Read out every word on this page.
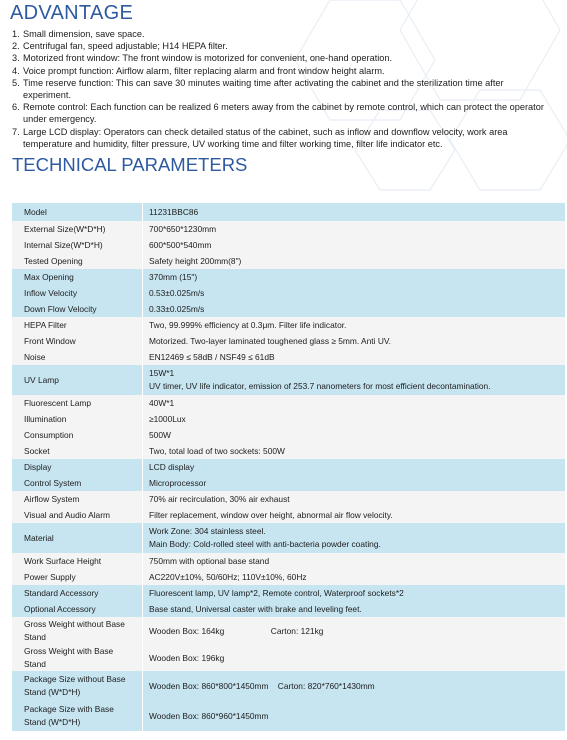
ADVANTAGE
1. Small dimension, save space.
2. Centrifugal fan, speed adjustable; H14 HEPA filter.
3. Motorized front window: The front window is motorized for convenient, one-hand operation.
4. Voice prompt function: Airflow alarm, filter replacing alarm and front window height alarm.
5. Time reserve function: This can save 30 minutes waiting time after activating the cabinet and the sterilization time after experiment.
6. Remote control: Each function can be realized 6 meters away from the cabinet by remote control, which can protect the operator under emergency.
7. Large LCD display: Operators can check detailed status of the cabinet, such as inflow and downflow velocity, work area temperature and humidity, filter pressure, UV working time and filter working time, filter life indicator etc.
TECHNICAL PARAMETERS
Model	11231BBC86

External Size(W*D*H)	700*650*1230mm

Internal Size(W*D*H)	600*500*540mm

Tested Opening	Safety height 200mm(8")

Max Opening	370mm (15")

Inflow Velocity	0.53±0.025m/s

Down Flow Velocity	0.33±0.025m/s

HEPA Filter	Two, 99.999% efficiency at 0.3μm. Filter life indicator.

Front Window	Motorized. Two-layer laminated toughened glass ≥ 5mm. Anti UV.

Noise	EN12469 ≤ 58dB / NSF49 ≤ 61dB

UV Lamp	15W*1
UV timer, UV life indicator, emission of 253.7 nanometers for most efficient decontamination.

Fluorescent Lamp	40W*1

Illumination	≥1000Lux

Consumption	500W

Socket	Two, total load of two sockets: 500W

Display	LCD display

Control System	Microprocessor

Airflow System	70% air recirculation, 30% air exhaust

Visual and Audio Alarm	Filter replacement, window over height, abnormal air flow velocity.

Material	Work Zone: 304 stainless steel.
Main Body: Cold-rolled steel with anti-bacteria powder coating.

Work Surface Height	750mm with optional base stand

Power Supply	AC220V±10%, 50/60Hz; 110V±10%, 60Hz

Standard Accessory	Fluorescent lamp, UV lamp*2, Remote control, Waterproof sockets*2

Optional Accessory	Base stand, Universal caster with brake and leveling feet.

Gross Weight without Base Stand	Wooden Box: 164kg                    Carton: 121kg

Gross Weight with Base Stand	Wooden Box: 196kg

Package Size without Base Stand (W*D*H)	Wooden Box: 860*800*1450mm    Carton: 820*760*1430mm

Package Size with Base Stand (W*D*H)	Wooden Box: 860*960*1450mm
